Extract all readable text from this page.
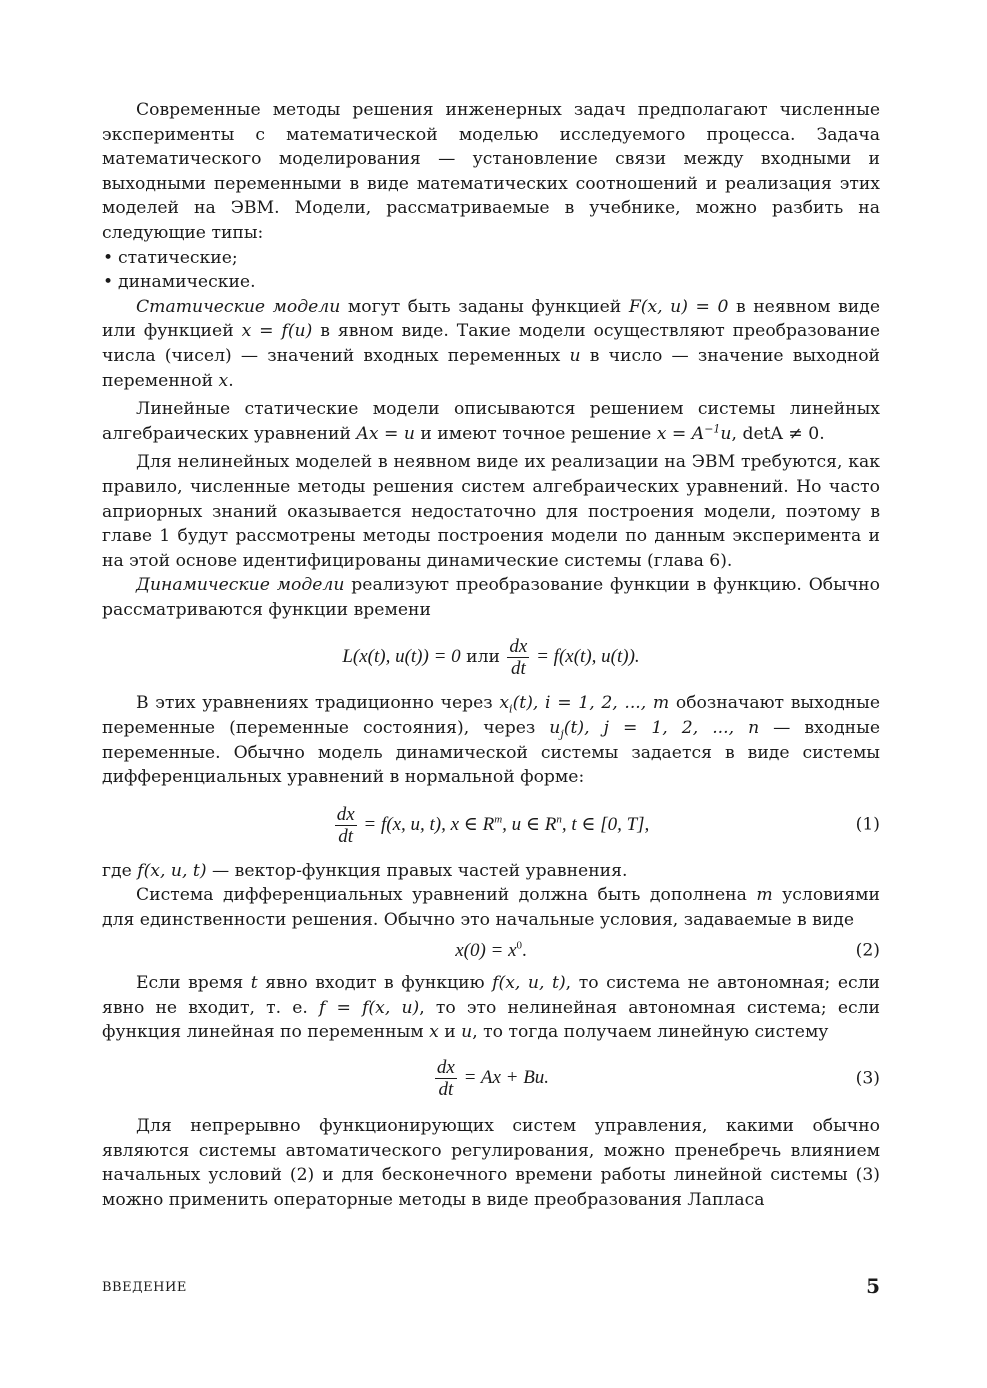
Современные методы решения инженерных задач предполагают численные эксперименты с математической моделью исследуемого процесса. Задача математического моделирования — установление связи между входными и выходными переменными в виде математических соотношений и реализация этих моделей на ЭВМ. Модели, рассматриваемые в учебнике, можно разбить на следующие типы:

• статические;
• динамические.

Статические модели могут быть заданы функцией F(x, u) = 0 в неявном виде или функцией x = f(u) в явном виде. Такие модели осуществляют преобразование числа (чисел) — значений входных переменных u в число — значение выходной переменной x.

Линейные статические модели описываются решением системы линейных алгебраических уравнений Ax = u и имеют точное решение $x = A^{-1}u$, detA ≠ 0.

Для нелинейных моделей в неявном виде их реализации на ЭВМ требуются, как правило, численные методы решения систем алгебраических уравнений. Но часто априорных знаний оказывается недостаточно для построения модели, поэтому в главе 1 будут рассмотрены методы построения модели по данным эксперимента и на этой основе идентифицированы динамические системы (глава 6).

Динамические модели реализуют преобразование функции в функцию. Обычно рассматриваются функции времени

L(x(t), u(t)) = 0 или $\frac{dx}{dt} = f(x(t)$, u(t)).

В этих уравнениях традиционно через $x_i(t)$, i = 1, 2, ..., m обозначают выходные переменные (переменные состояния), через $u_j(t)$, j = 1, 2, ..., n — входные переменные. Обычно модель динамической системы задается в виде системы дифференциальных уравнений в нормальной форме:

$\frac{dx}{dt} = f(x$, u, t), x ∈ $R^m$, u ∈ $R^n$, t ∈ [0, T],	(1)

где f(x, u, t) — вектор-функция правых частей уравнения.

Система дифференциальных уравнений должна быть дополнена m условиями для единственности решения. Обычно это начальные условия, задаваемые в виде

$x(0) = x^0$.	(2)

Если время t явно входит в функцию f(x, u, t), то система не автономная; если явно не входит, т. е. f = f(x, u), то это нелинейная автономная система; если функция линейная по переменным x и u, то тогда получаем линейную систему

$\frac{dx}{dt} = Ax + Bu$.	(3)

Для непрерывно функционирующих систем управления, какими обычно являются системы автоматического регулирования, можно пренебречь влиянием начальных условий (2) и для бесконечного времени работы линейной системы (3) можно применить операторные методы в виде преобразования Лапласа

ВВЕДЕНИЕ	5
